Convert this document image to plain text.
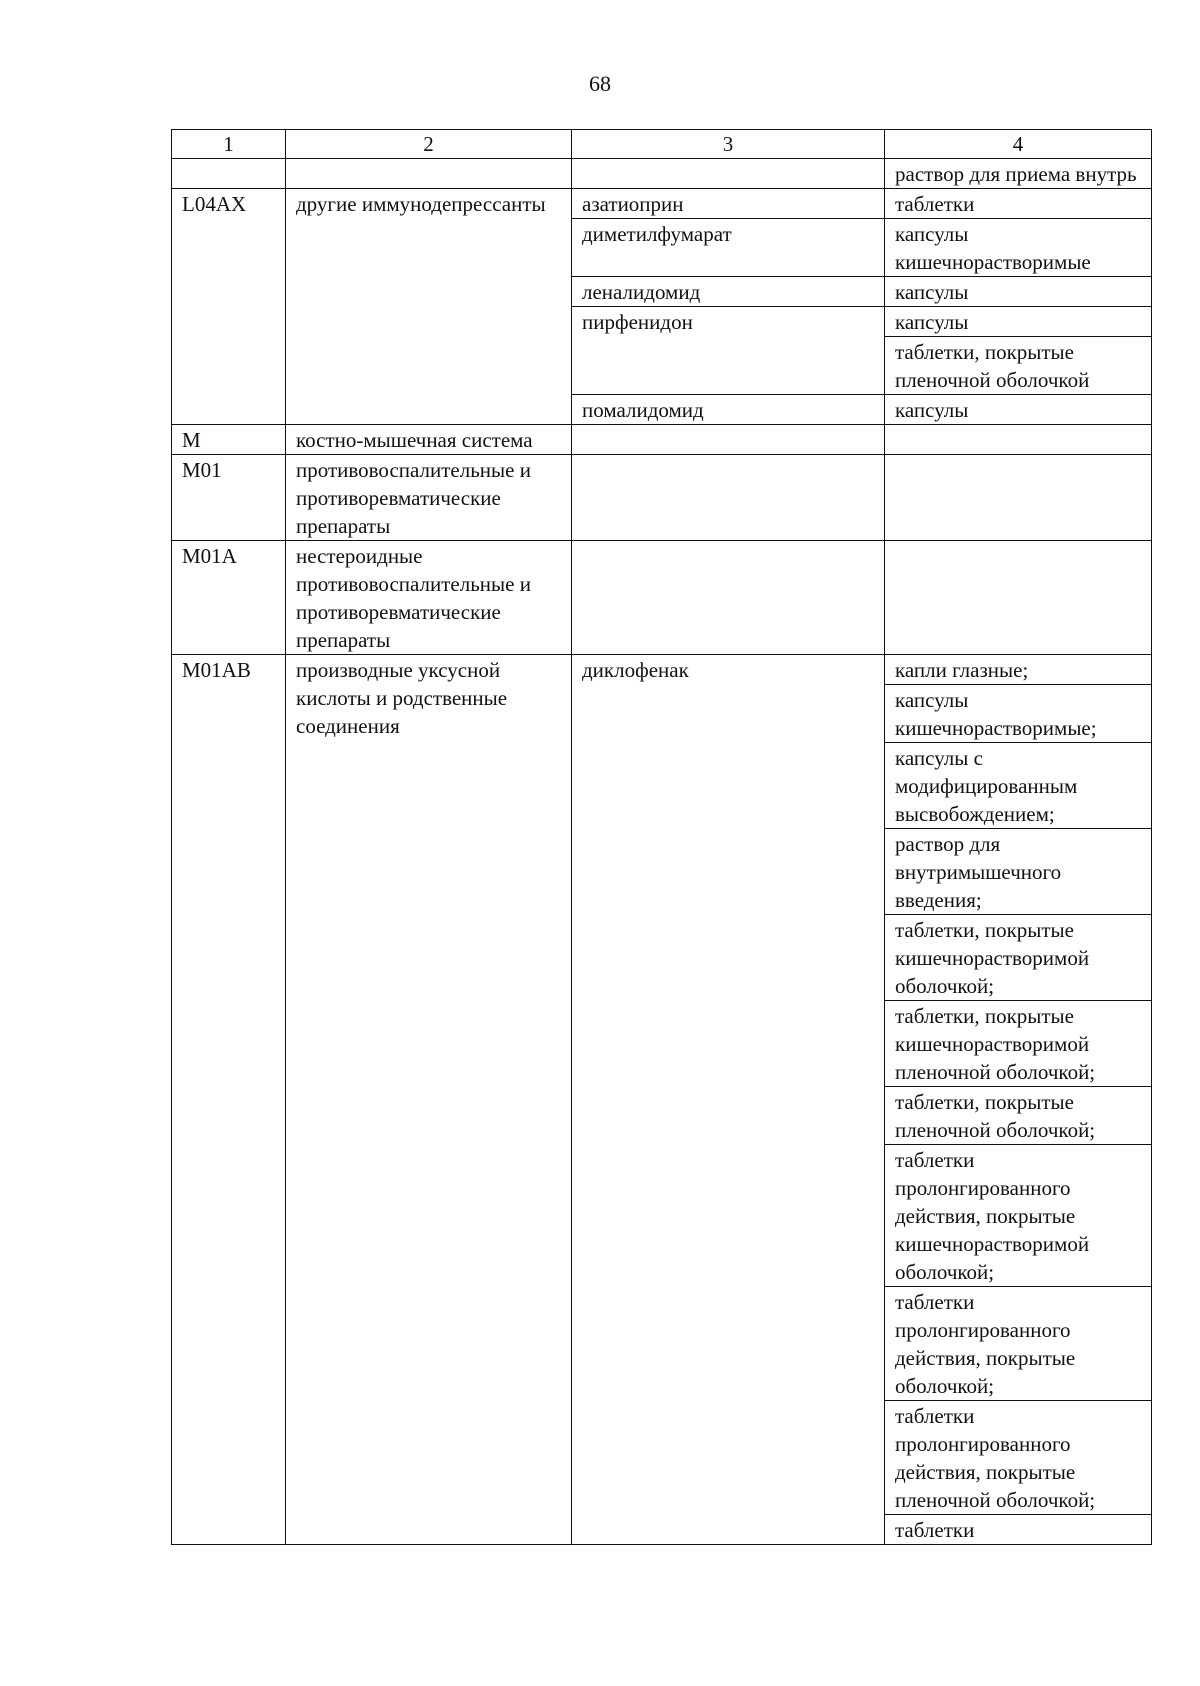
68
1	2	3	4
			раствор для приема внутрь
L04AX	другие иммунодепрессанты	азатиоприн	таблетки
		диметилфумарат	капсулы кишечнорастворимые
		леналидомид	капсулы
		пирфенидон	капсулы
			таблетки, покрытые пленочной оболочкой
		помалидомид	капсулы
M	костно-мышечная система		
M01	противовоспалительные и противоревматические препараты		
M01A	нестероидные противовоспалительные и противоревматические препараты		
M01AB	производные уксусной кислоты и родственные соединения	диклофенак	капли глазные;
			капсулы кишечнорастворимые;
			капсулы с модифицированным высвобождением;
			раствор для внутримышечного введения;
			таблетки, покрытые кишечнорастворимой оболочкой;
			таблетки, покрытые кишечнорастворимой пленочной оболочкой;
			таблетки, покрытые пленочной оболочкой;
			таблетки пролонгированного действия, покрытые кишечнорастворимой оболочкой;
			таблетки пролонгированного действия, покрытые оболочкой;
			таблетки пролонгированного действия, покрытые пленочной оболочкой;
			таблетки
